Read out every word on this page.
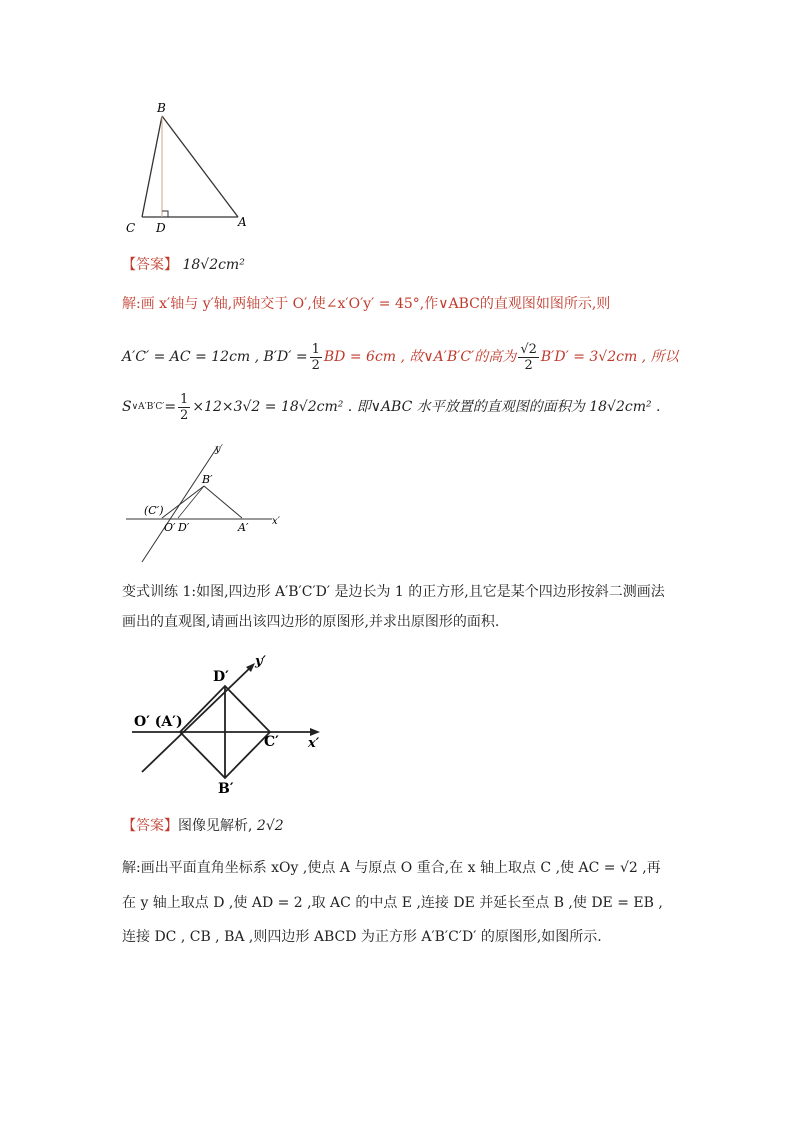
B
C D	A
【答案】 18√2cm²
解:画 x′轴与 y′轴,两轴交于 O′,使∠x′O′y′ = 45°,作∨ABC的直观图如图所示,则
A′C′ = AC = 12cm , $B'D' = \frac{1}{2}$ BD = 6cm , 故∨A′B′C′的高为 $\frac{√2}{2} B'D' = 3√2cm$ , 所以
S ∨A′B′C′ = $\frac{1}{2} \times 12\times 3√2 = 18√2cm^2$ . 即∨ABC 水平放置的直观图的面积为 18√2cm² .
y′
B′
(C′)
O′ D′	A′ x′
变式训练 1:如图,四边形 A′B′C′D′ 是边长为 1 的正方形,且它是某个四边形按斜二测画法
画出的直观图,请画出该四边形的原图形,并求出原图形的面积.
D′
y′
O′ (A′)
C′ x′
B′
【答案】图像见解析, 2√2
解:画出平面直角坐标系 xOy ,使点 A 与原点 O 重合,在 x 轴上取点 C ,使 AC = √2 ,再
在 y 轴上取点 D ,使 AD = 2 ,取 AC 的中点 E ,连接 DE 并延长至点 B ,使 DE = EB ,
连接 DC , CB , BA ,则四边形 ABCD 为正方形 A′B′C′D′ 的原图形,如图所示.
